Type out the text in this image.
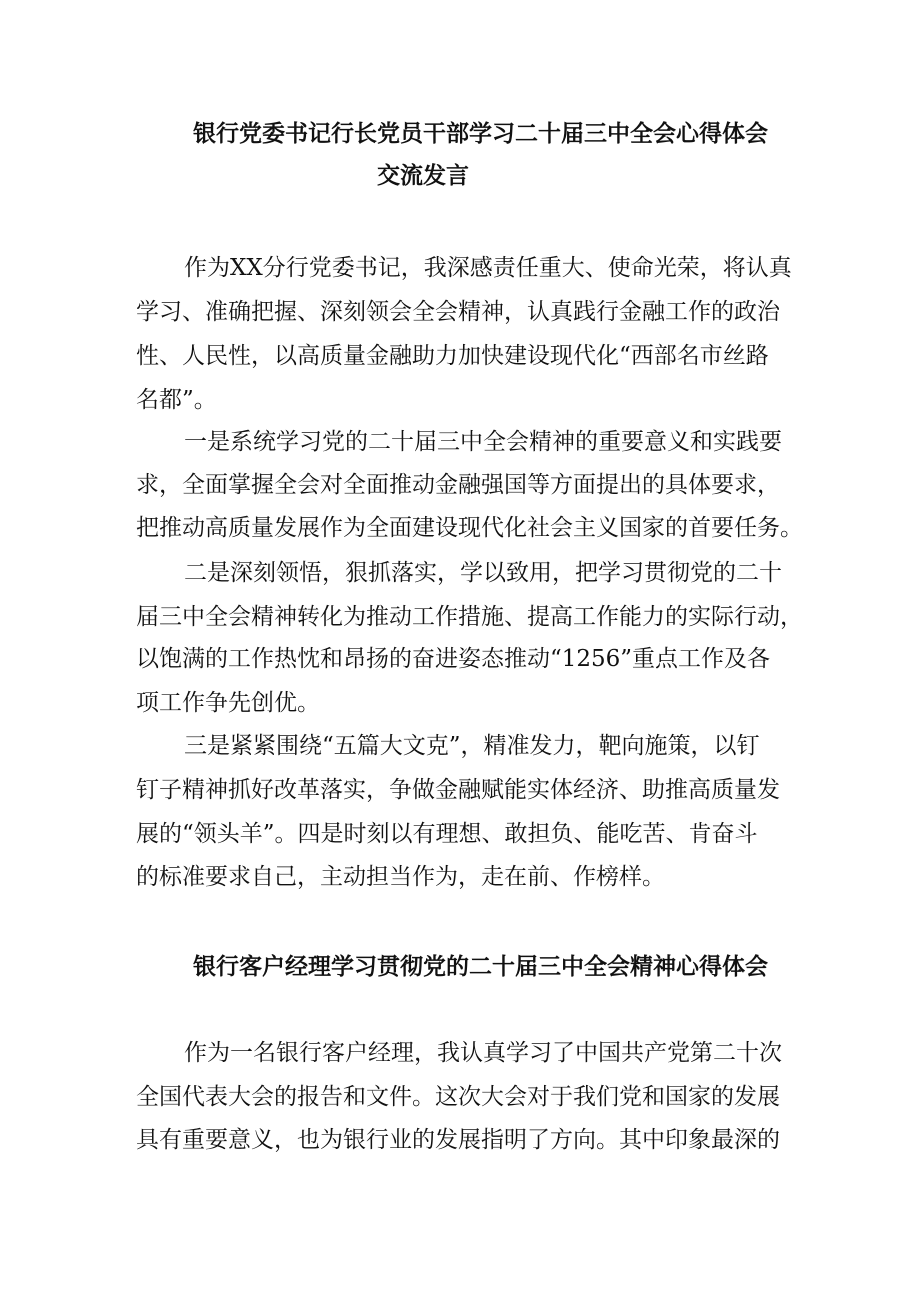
银行党委书记行长党员干部学习二十届三中全会心得体会
交流发言

作为XX分行党委书记，我深感责任重大、使命光荣，将认真

学习、准确把握、深刻领会全会精神，认真践行金融工作的政治

性、人民性，以高质量金融助力加快建设现代化“西部名市丝路

名都”。

一是系统学习党的二十届三中全会精神的重要意义和实践要

求，全面掌握全会对全面推动金融强国等方面提出的具体要求，

把推动高质量发展作为全面建设现代化社会主义国家的首要任务。

二是深刻领悟，狠抓落实，学以致用，把学习贯彻党的二十

届三中全会精神转化为推动工作措施、提高工作能力的实际行动，

以饱满的工作热忱和昂扬的奋进姿态推动“1256”重点工作及各

项工作争先创优。

三是紧紧围绕“五篇大文克”，精准发力，靶向施策，以钉

钉子精神抓好改革落实，争做金融赋能实体经济、助推高质量发

展的“领头羊”。四是时刻以有理想、敢担负、能吃苦、肯奋斗

的标准要求自己，主动担当作为，走在前、作榜样。

银行客户经理学习贯彻党的二十届三中全会精神心得体会

作为一名银行客户经理，我认真学习了中国共产党第二十次

全国代表大会的报告和文件。这次大会对于我们党和国家的发展

具有重要意义，也为银行业的发展指明了方向。其中印象最深的
